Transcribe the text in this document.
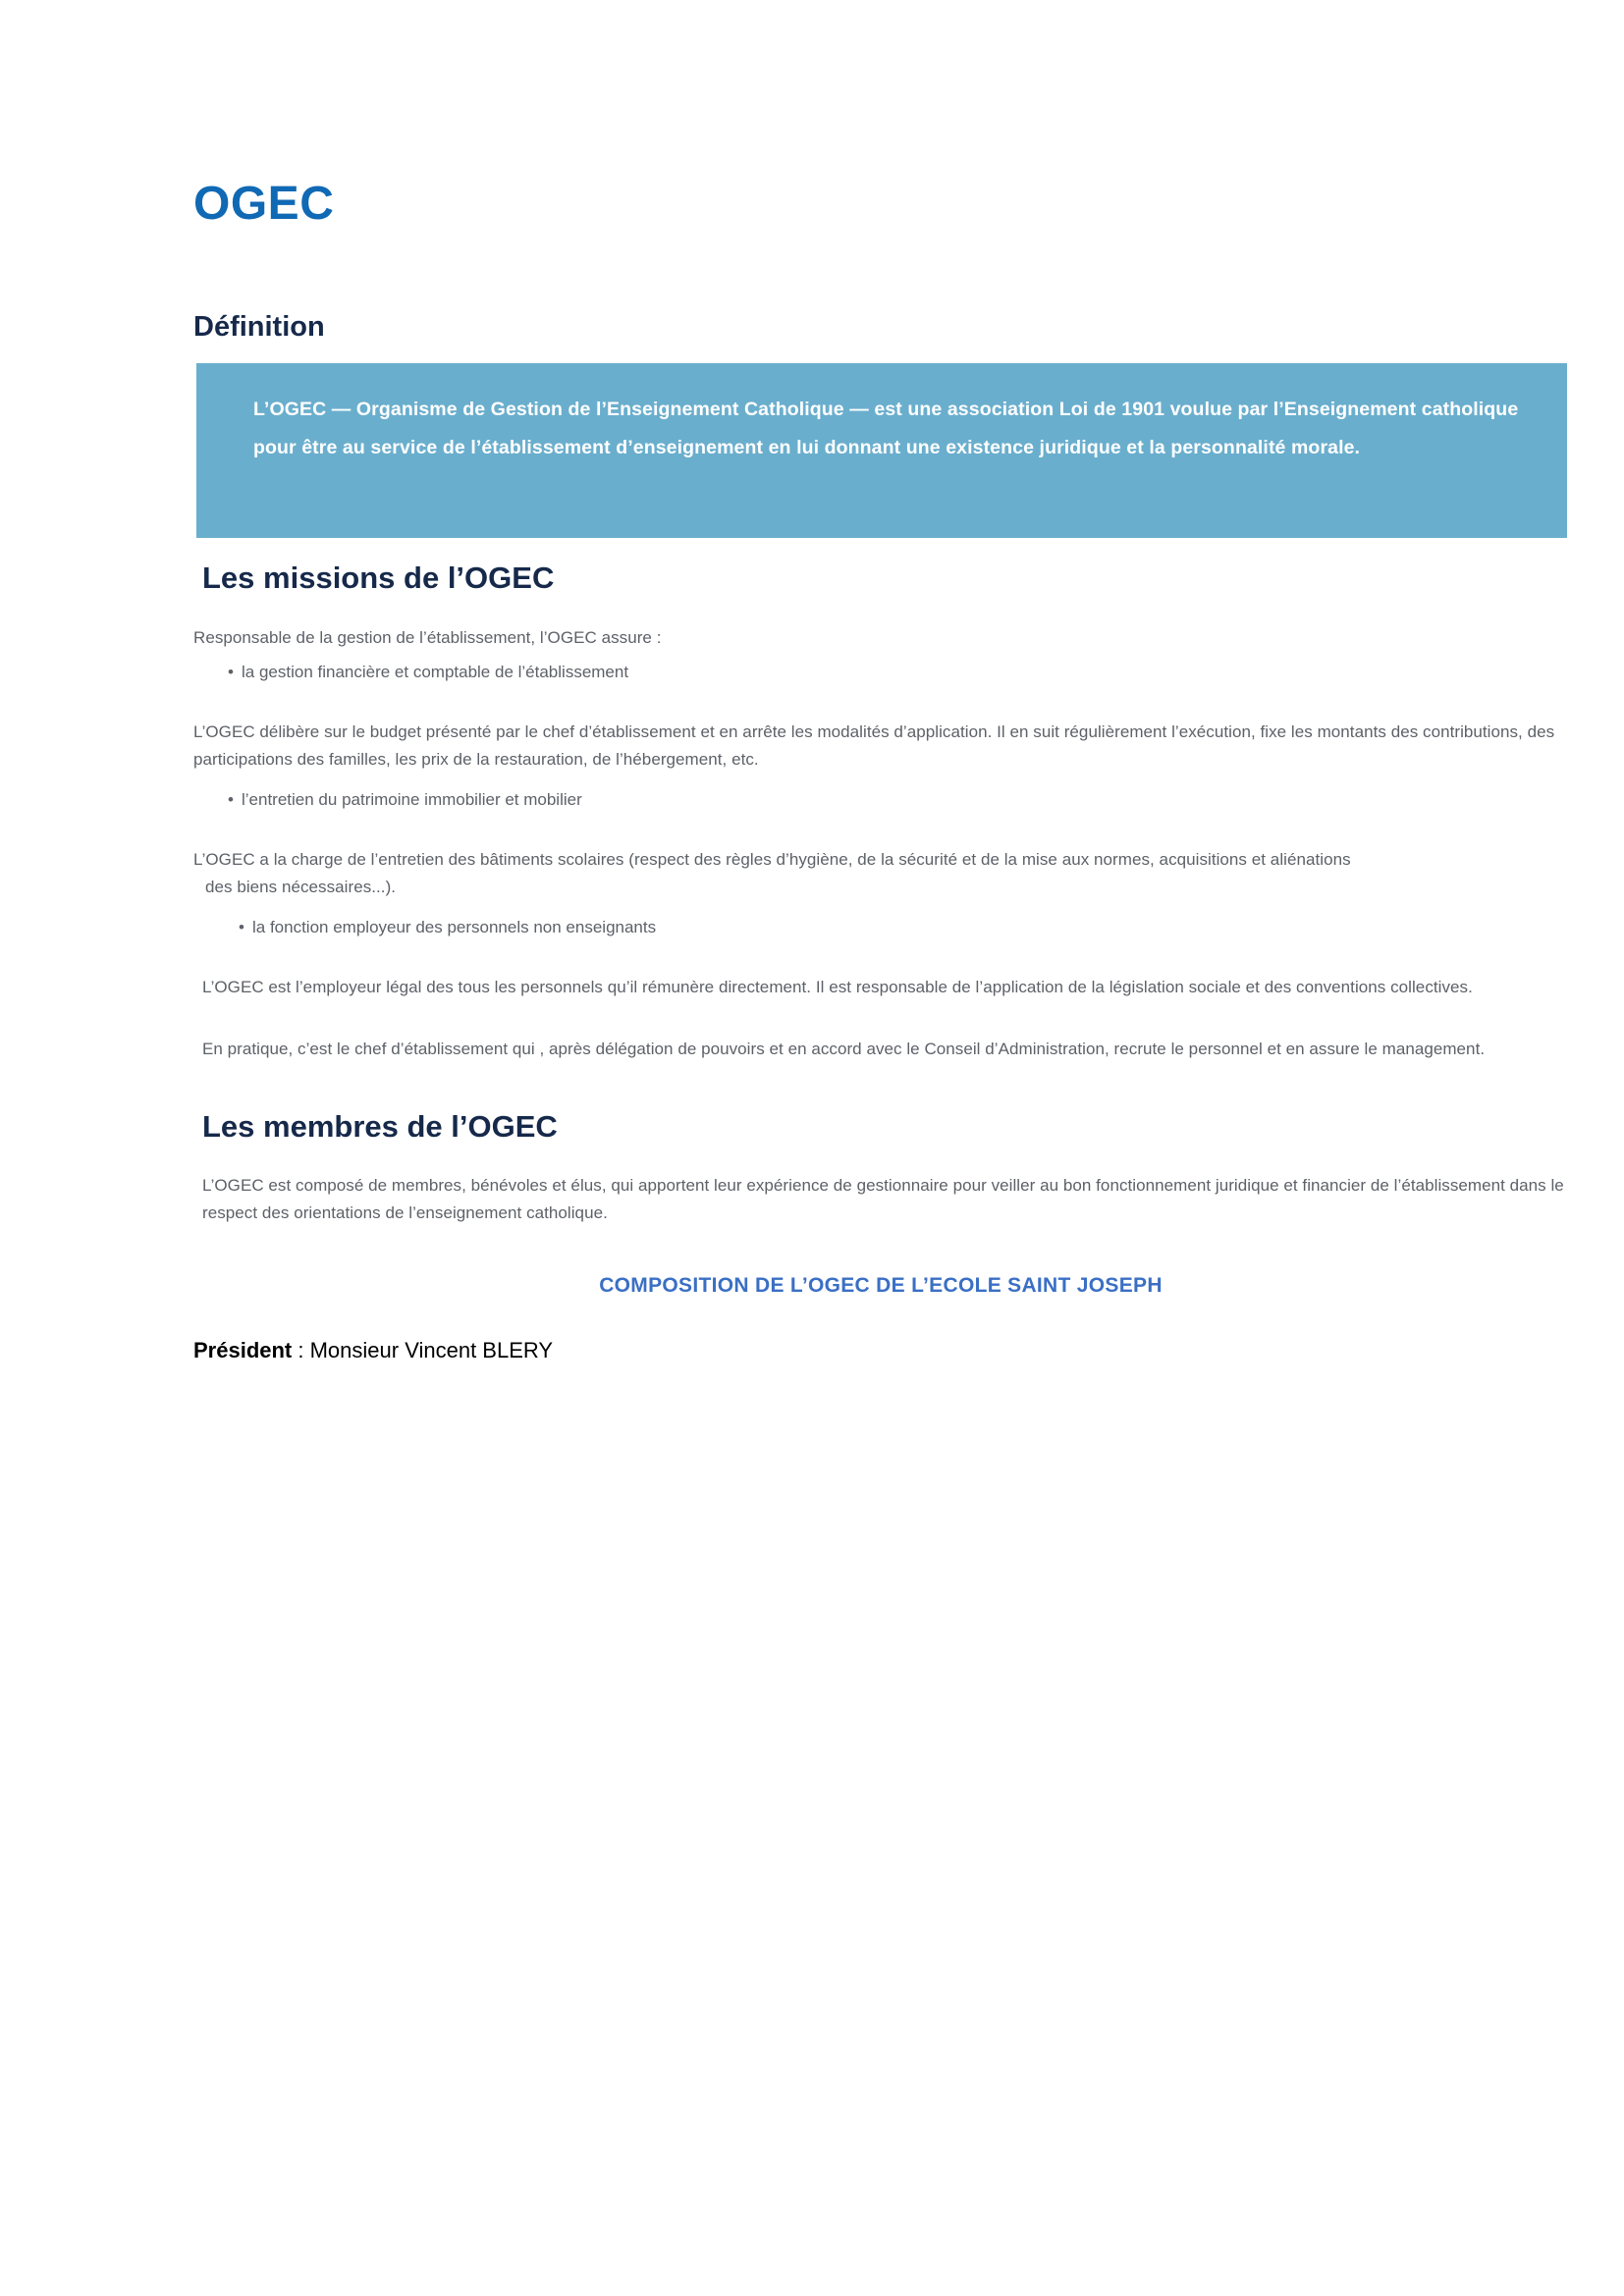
OGEC
Définition

L’OGEC — Organisme de Gestion de l’Enseignement Catholique — est une association Loi de 1901 voulue par l’Enseignement catholique pour être au service de l’établissement d’enseignement en lui donnant une existence juridique et la personnalité morale.

Les missions de l’OGEC

Responsable de la gestion de l’établissement, l’OGEC assure :

• la gestion financière et comptable de l’établissement

L’OGEC délibère sur le budget présenté par le chef d’établissement et en arrête les modalités d’application. Il en suit régulièrement l’exécution, fixe les montants des contributions, des participations des familles, les prix de la restauration, de l’hébergement, etc.

• l’entretien du patrimoine immobilier et mobilier

L’OGEC a la charge de l’entretien des bâtiments scolaires (respect des règles d’hygiène, de la sécurité et de la mise aux normes, acquisitions et aliénations
des biens nécessaires...).

• la fonction employeur des personnels non enseignants

L’OGEC est l’employeur légal des tous les personnels qu’il rémunère directement. Il est responsable de l’application de la législation sociale et des conventions collectives.

En pratique, c’est le chef d’établissement qui , après délégation de pouvoirs et en accord avec le Conseil d’Administration, recrute le personnel et en assure le management.

Les membres de l’OGEC

L’OGEC est composé de membres, bénévoles et élus, qui apportent leur expérience de gestionnaire pour veiller au bon fonctionnement juridique et financier de l’établissement dans le respect des orientations de l’enseignement catholique.

COMPOSITION DE L’OGEC DE L’ECOLE SAINT JOSEPH

Président : Monsieur Vincent BLERY
